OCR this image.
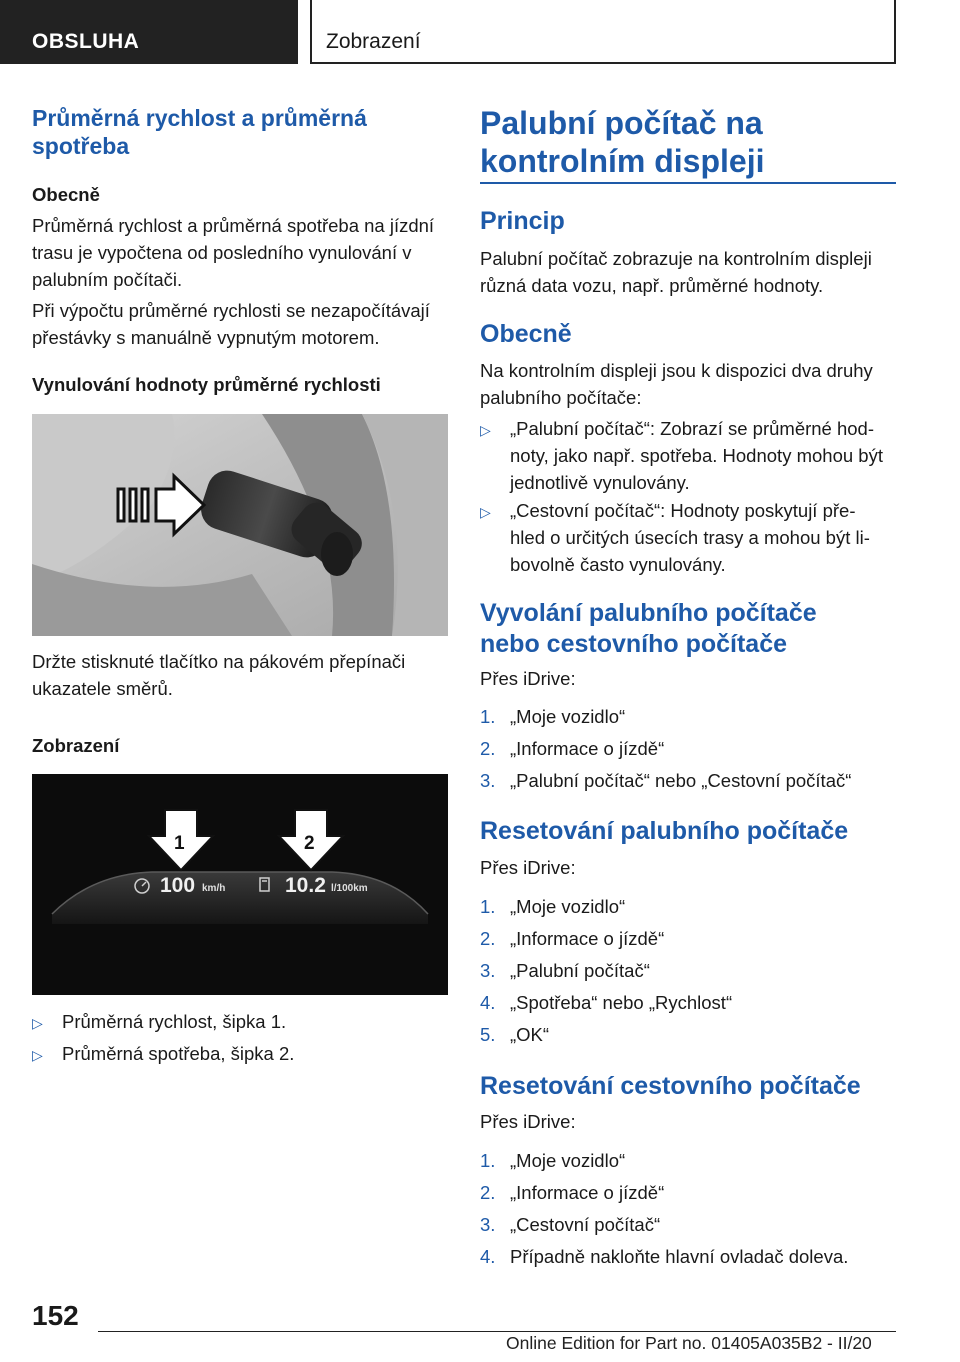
OBSLUHA	Zobrazení
Průměrná rychlost a průměrná
spotřeba
Obecně
Průměrná rychlost a průměrná spotřeba na jízdní
trasu je vypočtena od posledního vynulování v
palubním počítači.
Při výpočtu průměrné rychlosti se nezapočítávají
přestávky s manuálně vypnutým motorem.
Vynulování hodnoty průměrné rychlosti
Držte stisknuté tlačítko na pákovém přepínači
ukazatele směrů.
Zobrazení
1	2
100 km/h	10.2 l/100km
▷ Průměrná rychlost, šipka 1.
▷ Průměrná spotřeba, šipka 2.
Palubní počítač na
kontrolním displeji
Princip
Palubní počítač zobrazuje na kontrolním displeji
různá data vozu, např. průměrné hodnoty.
Obecně
Na kontrolním displeji jsou k dispozici dva druhy
palubního počítače:
▷ „Palubní počítač“: Zobrazí se průměrné hod-
noty, jako např. spotřeba. Hodnoty mohou být
jednotlivě vynulovány.
▷ „Cestovní počítač“: Hodnoty poskytují pře-
hled o určitých úsecích trasy a mohou být li-
bovolně často vynulovány.
Vyvolání palubního počítače
nebo cestovního počítače
Přes iDrive:
1. „Moje vozidlo“
2. „Informace o jízdě“
3. „Palubní počítač“ nebo „Cestovní počítač“
Resetování palubního počítače
Přes iDrive:
1. „Moje vozidlo“
2. „Informace o jízdě“
3. „Palubní počítač“
4. „Spotřeba“ nebo „Rychlost“
5. „OK“
Resetování cestovního počítače
Přes iDrive:
1. „Moje vozidlo“
2. „Informace o jízdě“
3. „Cestovní počítač“
4. Případně nakloňte hlavní ovladač doleva.
152
Online Edition for Part no. 01405A035B2 - II/20
